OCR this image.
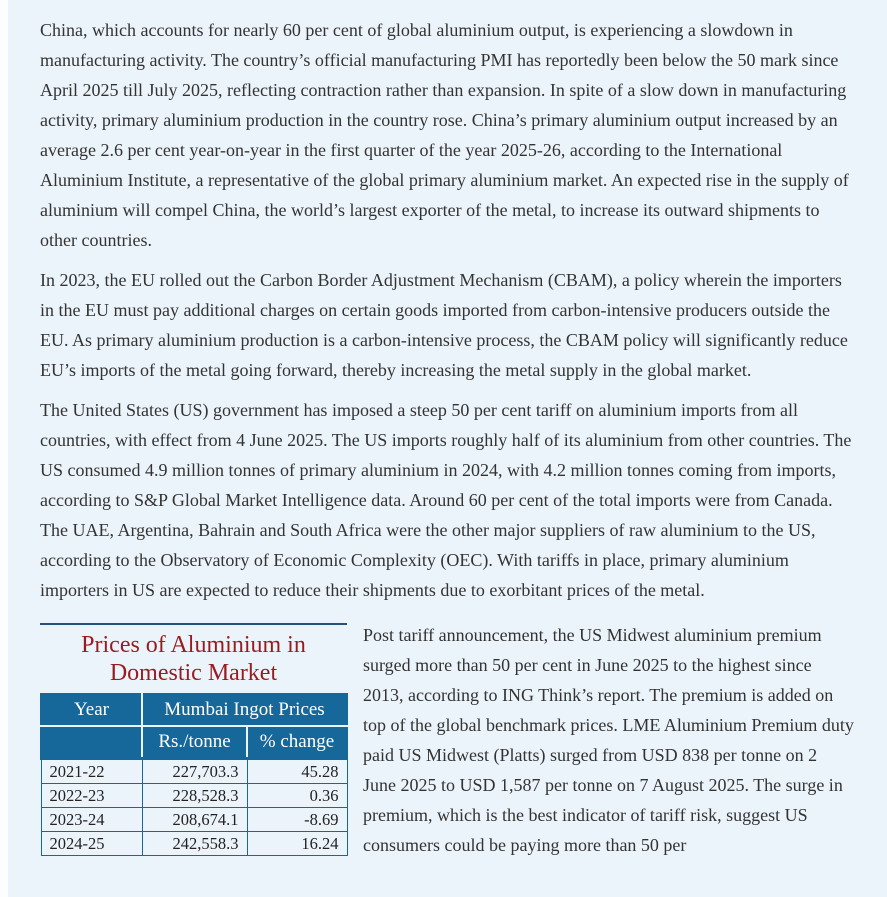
China, which accounts for nearly 60 per cent of global aluminium output, is experiencing a slowdown in manufacturing activity. The country’s official manufacturing PMI has reportedly been below the 50 mark since April 2025 till July 2025, reflecting contraction rather than expansion. In spite of a slow down in manufacturing activity, primary aluminium production in the country rose. China’s primary aluminium output increased by an average 2.6 per cent year-on-year in the first quarter of the year 2025-26, according to the International Aluminium Institute, a representative of the global primary aluminium market. An expected rise in the supply of aluminium will compel China, the world’s largest exporter of the metal, to increase its outward shipments to other countries.

In 2023, the EU rolled out the Carbon Border Adjustment Mechanism (CBAM), a policy wherein the importers in the EU must pay additional charges on certain goods imported from carbon-intensive producers outside the EU. As primary aluminium production is a carbon-intensive process, the CBAM policy will significantly reduce EU’s imports of the metal going forward, thereby increasing the metal supply in the global market.

The United States (US) government has imposed a steep 50 per cent tariff on aluminium imports from all countries, with effect from 4 June 2025. The US imports roughly half of its aluminium from other countries. The US consumed 4.9 million tonnes of primary aluminium in 2024, with 4.2 million tonnes coming from imports, according to S&P Global Market Intelligence data. Around 60 per cent of the total imports were from Canada. The UAE, Argentina, Bahrain and South Africa were the other major suppliers of raw aluminium to the US, according to the Observatory of Economic Complexity (OEC). With tariffs in place, primary aluminium importers in US are expected to reduce their shipments due to exorbitant prices of the metal.

Prices of Aluminium in Domestic Market
Year	Mumbai Ingot Prices	
	Rs./tonne	% change
2021-22	227,703.3	45.28
2022-23	228,528.3	0.36
2023-24	208,674.1	-8.69
2024-25	242,558.3	16.24

Post tariff announcement, the US Midwest aluminium premium surged more than 50 per cent in June 2025 to the highest since 2013, according to ING Think’s report. The premium is added on top of the global benchmark prices. LME Aluminium Premium duty paid US Midwest (Platts) surged from USD 838 per tonne on 2 June 2025 to USD 1,587 per tonne on 7 August 2025. The surge in premium, which is the best indicator of tariff risk, suggest US consumers could be paying more than 50 per
